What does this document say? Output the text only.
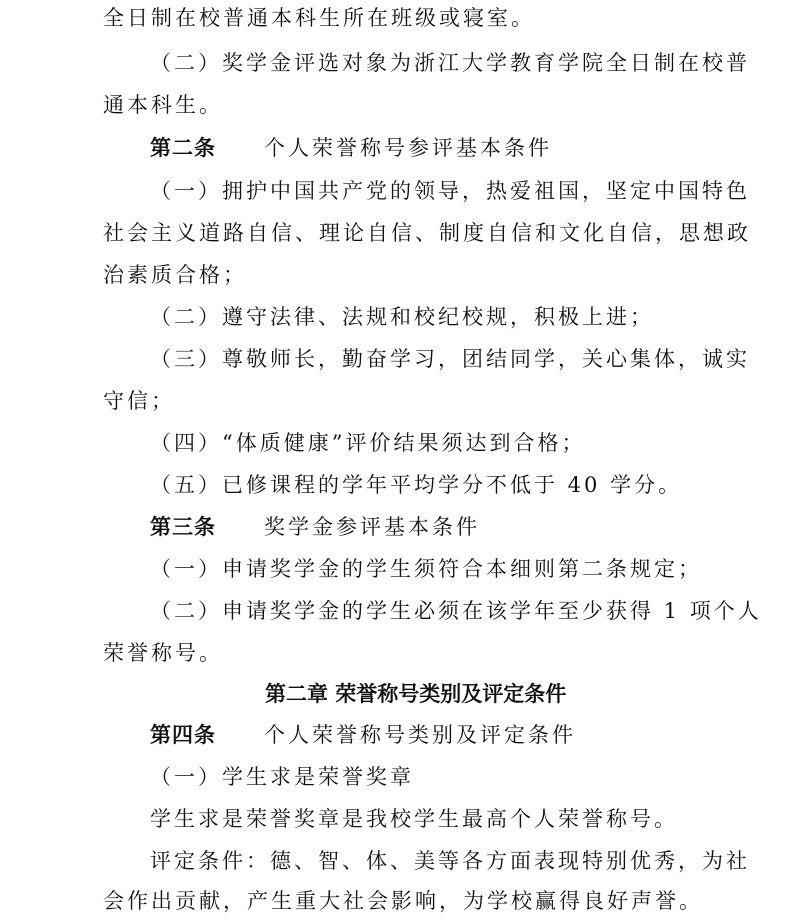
全日制在校普通本科生所在班级或寝室。
（二）奖学金评选对象为浙江大学教育学院全日制在校普
通本科生。
第二条 个人荣誉称号参评基本条件
（一）拥护中国共产党的领导，热爱祖国，坚定中国特色
社会主义道路自信、理论自信、制度自信和文化自信，思想政
治素质合格；
（二）遵守法律、法规和校纪校规，积极上进；
（三）尊敬师长，勤奋学习，团结同学，关心集体，诚实
守信；
（四）“体质健康”评价结果须达到合格；
（五）已修课程的学年平均学分不低于 40 学分。
第三条 奖学金参评基本条件
（一）申请奖学金的学生须符合本细则第二条规定；
（二）申请奖学金的学生必须在该学年至少获得 1 项个人
荣誉称号。
第二章 荣誉称号类别及评定条件
第四条 个人荣誉称号类别及评定条件
（一）学生求是荣誉奖章
学生求是荣誉奖章是我校学生最高个人荣誉称号。
评定条件：德、智、体、美等各方面表现特别优秀，为社
会作出贡献，产生重大社会影响，为学校赢得良好声誉。
